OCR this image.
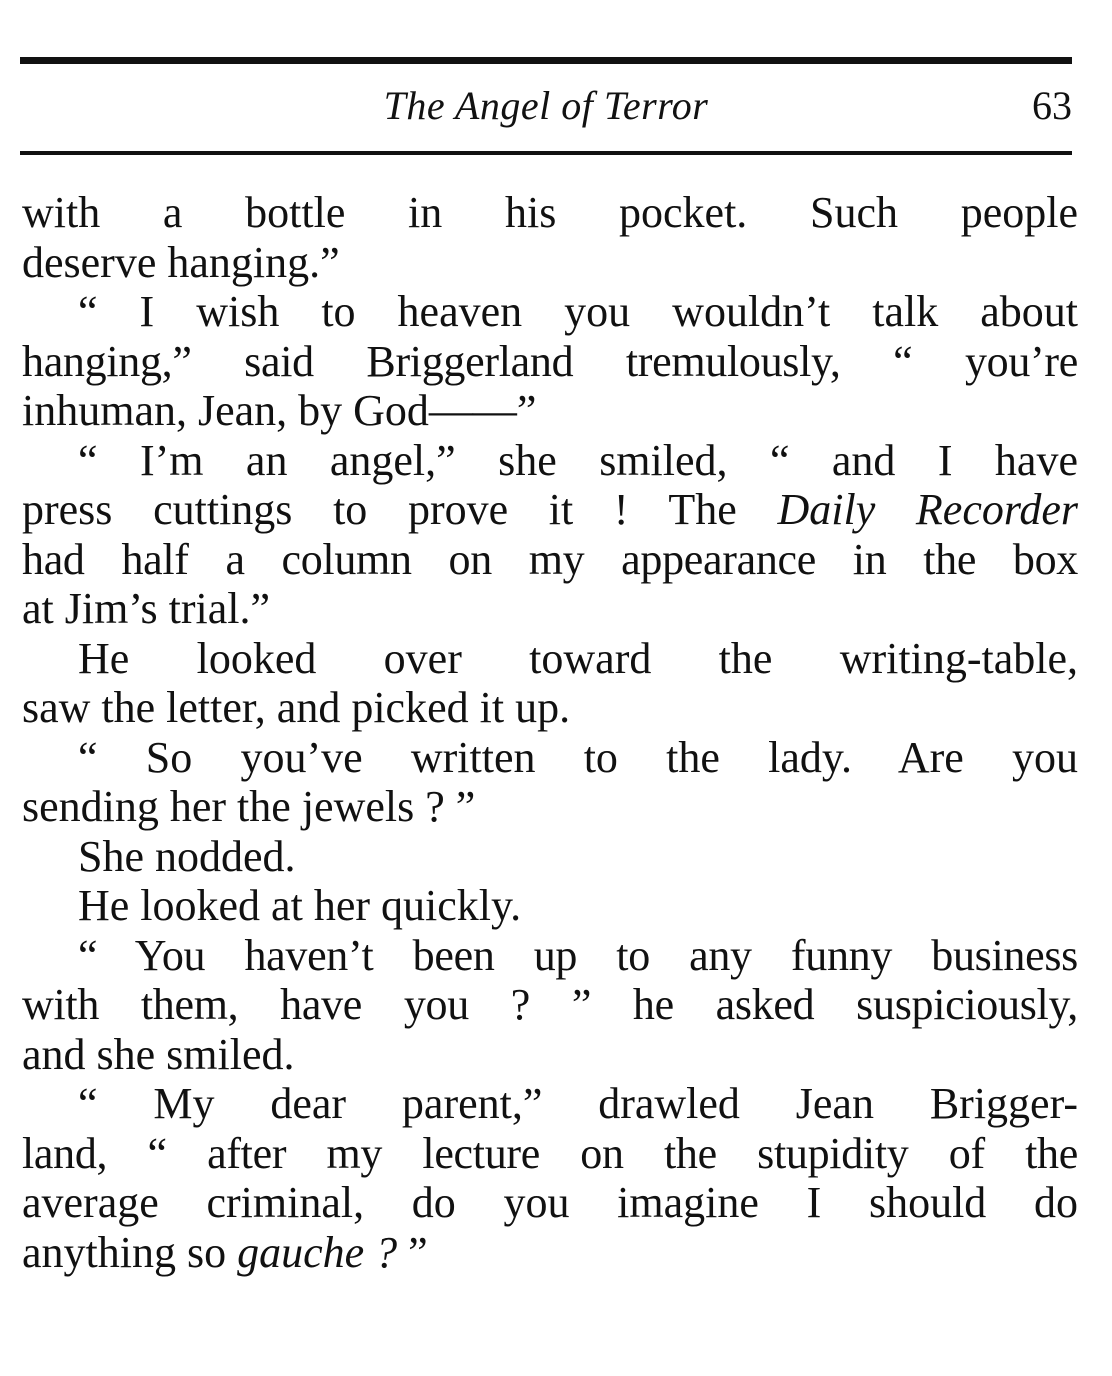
The Angel of Terror	63
with a bottle in his pocket. Such people
deserve hanging.”
“ I wish to heaven you wouldn’t talk about
hanging,” said Briggerland tremulously, “ you’re
inhuman, Jean, by God——”
“ I’m an angel,” she smiled, “ and I have
press cuttings to prove it ! The Daily Recorder
had half a column on my appearance in the box
at Jim’s trial.”
He looked over toward the writing-table,
saw the letter, and picked it up.
“ So you’ve written to the lady. Are you
sending her the jewels ? ”
She nodded.
He looked at her quickly.
“ You haven’t been up to any funny business
with them, have you ? ” he asked suspiciously,
and she smiled.
“ My dear parent,” drawled Jean Brigger-
land, “ after my lecture on the stupidity of the
average criminal, do you imagine I should do
anything so gauche ? ”
